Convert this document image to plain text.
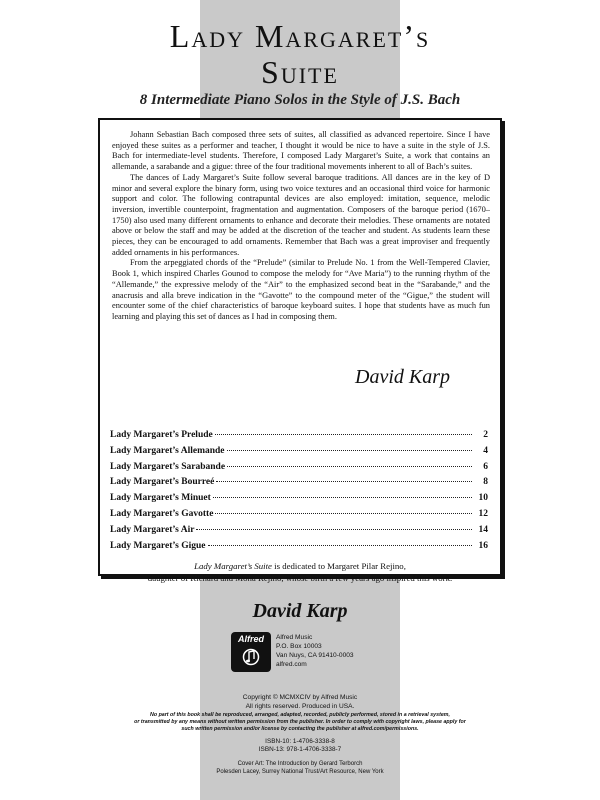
Lady Margaret’s
Suite
8 Intermediate Piano Solos in the Style of J.S. Bach

Johann Sebastian Bach composed three sets of suites, all classified as advanced repertoire. Since I have enjoyed these suites as a performer and teacher, I thought it would be nice to have a suite in the style of J.S. Bach for intermediate-level students. Therefore, I composed Lady Margaret’s Suite, a work that contains an allemande, a sarabande and a gigue: three of the four traditional movements inherent to all of Bach’s suites.

The dances of Lady Margaret’s Suite follow several baroque traditions. All dances are in the key of D minor and several explore the binary form, using two voice textures and an occasional third voice for harmonic support and color. The following contrapuntal devices are also employed: imitation, sequence, melodic inversion, invertible counterpoint, fragmentation and augmentation. Composers of the baroque period (1670–1750) also used many different ornaments to enhance and decorate their melodies. These ornaments are notated above or below the staff and may be added at the discretion of the teacher and student. As students learn these pieces, they can be encouraged to add ornaments. Remember that Bach was a great improviser and frequently added ornaments in his performances.

From the arpeggiated chords of the “Prelude” (similar to Prelude No. 1 from the Well-Tempered Clavier, Book 1, which inspired Charles Gounod to compose the melody for “Ave Maria”) to the running rhythm of the “Allemande,” the expressive melody of the “Air” to the emphasized second beat in the “Sarabande,” and the anacrusis and alla breve indication in the “Gavotte” to the compound meter of the “Gigue,” the student will encounter some of the chief characteristics of baroque keyboard suites. I hope that students have as much fun learning and playing this set of dances as I had in composing them.

David Karp
Lady Margaret’s Prelude	2
Lady Margaret’s Allemande	4
Lady Margaret’s Sarabande	6
Lady Margaret’s Bourreé	8
Lady Margaret’s Minuet	10
Lady Margaret’s Gavotte	12
Lady Margaret’s Air	14
Lady Margaret’s Gigue	16
Lady Margaret’s Suite is dedicated to Margaret Pilar Rejino,
daughter of Richard and Mona Rejino, whose birth a few years ago inspired this work.
David Karp
Alfred	Alfred Music
P.O. Box 10003
Van Nuys, CA 91410-0003
alfred.com
Copyright © MCMXCIV by Alfred Music
All rights reserved. Produced in USA.
No part of this book shall be reproduced, arranged, adapted, recorded, publicly performed, stored in a retrieval system,
or transmitted by any means without written permission from the publisher. In order to comply with copyright laws, please apply for
such written permission and/or license by contacting the publisher at alfred.com/permissions.
ISBN-10: 1-4706-3338-8
ISBN-13: 978-1-4706-3338-7
Cover Art: The Introduction by Gerard Terborch
Polesden Lacey, Surrey National Trust/Art Resource, New York
